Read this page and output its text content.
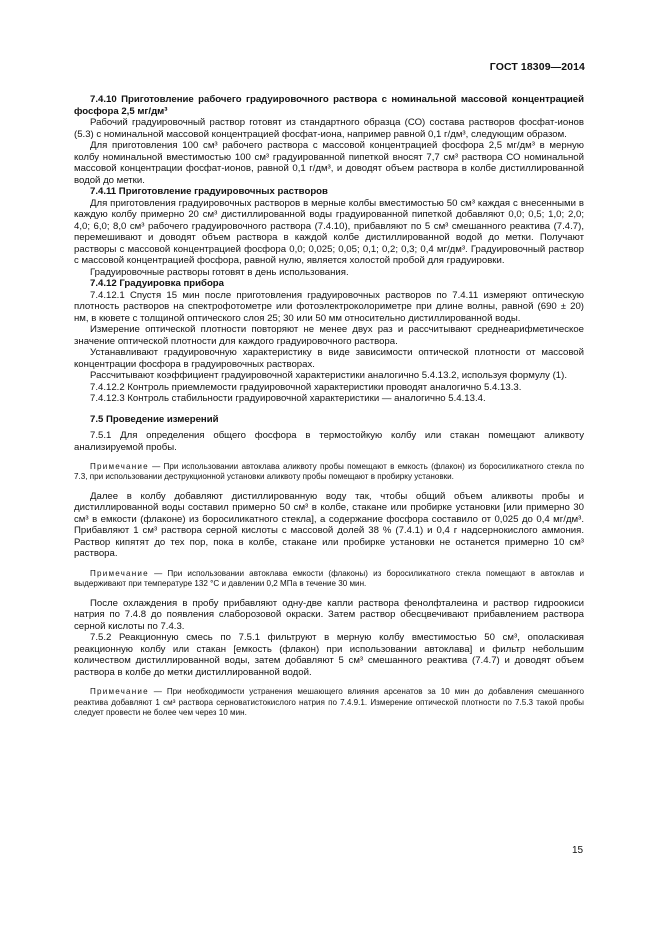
ГОСТ 18309—2014

7.4.10 Приготовление рабочего градуировочного раствора с номинальной массовой концентрацией фосфора 2,5 мг/дм³

Рабочий градуировочный раствор готовят из стандартного образца (СО) состава растворов фосфат-ионов (5.3) с номинальной массовой концентрацией фосфат-иона, например равной 0,1 г/дм³, следующим образом.

Для приготовления 100 см³ рабочего раствора с массовой концентрацией фосфора 2,5 мг/дм³ в мерную колбу номинальной вместимостью 100 см³ градуированной пипеткой вносят 7,7 см³ раствора СО номинальной массовой концентрации фосфат-ионов, равной 0,1 г/дм³, и доводят объем раствора в колбе дистиллированной водой до метки.

7.4.11 Приготовление градуировочных растворов

Для приготовления градуировочных растворов в мерные колбы вместимостью 50 см³ каждая с внесенными в каждую колбу примерно 20 см³ дистиллированной воды градуированной пипеткой добавляют 0,0; 0,5; 1,0; 2,0; 4,0; 6,0; 8,0 см³ рабочего градуировочного раствора (7.4.10), прибавляют по 5 см³ смешанного реактива (7.4.7), перемешивают и доводят объем раствора в каждой колбе дистиллированной водой до метки. Получают растворы с массовой концентрацией фосфора 0,0; 0,025; 0,05; 0,1; 0,2; 0,3; 0,4 мг/дм³. Градуировочный раствор с массовой концентрацией фосфора, равной нулю, является холостой пробой для градуировки.

Градуировочные растворы готовят в день использования.

7.4.12 Градуировка прибора

7.4.12.1 Спустя 15 мин после приготовления градуировочных растворов по 7.4.11 измеряют оптическую плотность растворов на спектрофотометре или фотоэлектроколориметре при длине волны, равной (690 ± 20) нм, в кювете с толщиной оптического слоя 25; 30 или 50 мм относительно дистиллированной воды.

Измерение оптической плотности повторяют не менее двух раз и рассчитывают среднеарифметическое значение оптической плотности для каждого градуировочного раствора.

Устанавливают градуировочную характеристику в виде зависимости оптической плотности от массовой концентрации фосфора в градуировочных растворах.

Рассчитывают коэффициент градуировочной характеристики аналогично 5.4.13.2, используя формулу (1).

7.4.12.2 Контроль приемлемости градуировочной характеристики проводят аналогично 5.4.13.3.

7.4.12.3 Контроль стабильности градуировочной характеристики — аналогично 5.4.13.4.

7.5 Проведение измерений

7.5.1 Для определения общего фосфора в термостойкую колбу или стакан помещают аликвоту анализируемой пробы.

Примечание — При использовании автоклава аликвоту пробы помещают в емкость (флакон) из боросиликатного стекла по 7.3, при использовании деструкционной установки аликвоту пробы помещают в пробирку установки.

Далее в колбу добавляют дистиллированную воду так, чтобы общий объем аликвоты пробы и дистиллированной воды составил примерно 50 см³ в колбе, стакане или пробирке установки [или примерно 30 см³ в емкости (флаконе) из боросиликатного стекла], а содержание фосфора составило от 0,025 до 0,4 мг/дм³. Прибавляют 1 см³ раствора серной кислоты с массовой долей 38 % (7.4.1) и 0,4 г надсернокислого аммония. Раствор кипятят до тех пор, пока в колбе, стакане или пробирке установки не останется примерно 10 см³ раствора.

Примечание — При использовании автоклава емкости (флаконы) из боросиликатного стекла помещают в автоклав и выдерживают при температуре 132 °С и давлении 0,2 МПа в течение 30 мин.

После охлаждения в пробу прибавляют одну-две капли раствора фенолфталеина и раствор гидроокиси натрия по 7.4.8 до появления слаборозовой окраски. Затем раствор обесцвечивают прибавлением раствора серной кислоты по 7.4.3.

7.5.2 Реакционную смесь по 7.5.1 фильтруют в мерную колбу вместимостью 50 см³, ополаскивая реакционную колбу или стакан [емкость (флакон) при использовании автоклава] и фильтр небольшим количеством дистиллированной воды, затем добавляют 5 см³ смешанного реактива (7.4.7) и доводят объем раствора в колбе до метки дистиллированной водой.

Примечание — При необходимости устранения мешающего влияния арсенатов за 10 мин до добавления смешанного реактива добавляют 1 см³ раствора серноватистокислого натрия по 7.4.9.1. Измерение оптической плотности по 7.5.3 такой пробы следует провести не более чем через 10 мин.

15
